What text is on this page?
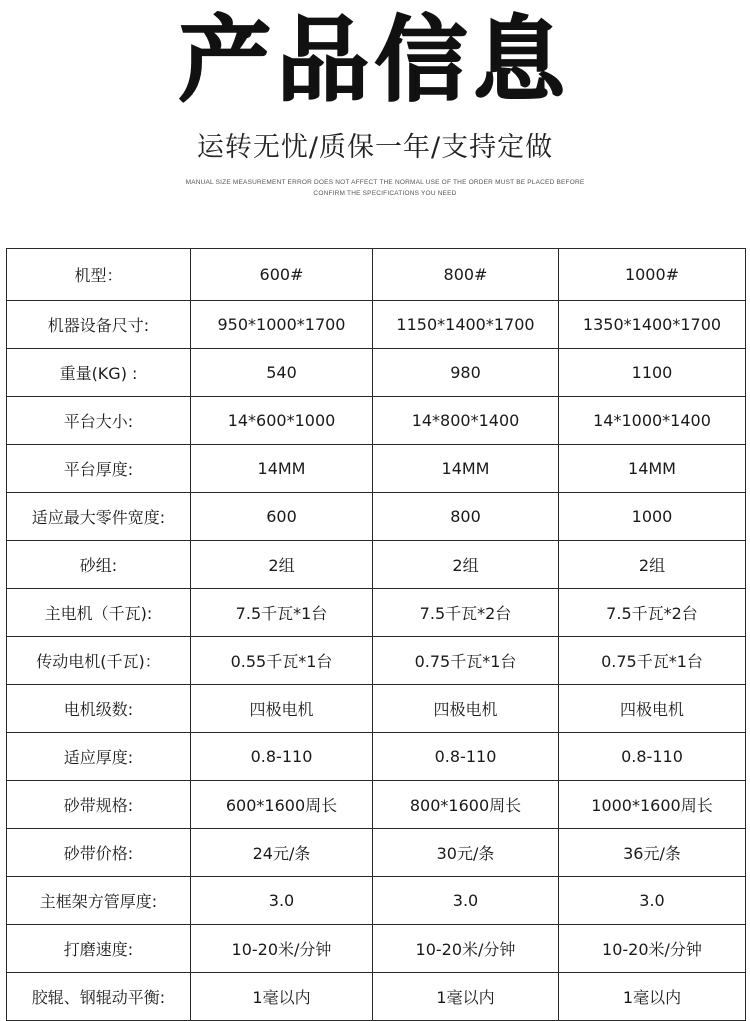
产品信息
运转无忧/质保一年/支持定做
MANUAL SIZE MEASUREMENT ERROR DOES NOT AFFECT THE NORMAL USE OF THE ORDER MUST BE PLACED BEFORE
CONFIRM THE SPECIFICATIONS YOU NEED
机型：	600#	800#	1000#
机器设备尺寸:	950*1000*1700	1150*1400*1700	1350*1400*1700
重量(KG) :	540	980	1100
平台大小:	14*600*1000	14*800*1400	14*1000*1400
平台厚度:	14MM	14MM	14MM
适应最大零件宽度:	600	800	1000
砂组:	2组	2组	2组
主电机（千瓦):	7.5千瓦*1台	7.5千瓦*2台	7.5千瓦*2台
传动电机(千瓦)：	0.55千瓦*1台	0.75千瓦*1台	0.75千瓦*1台
电机级数:	四极电机	四极电机	四极电机
适应厚度:	0.8-110	0.8-110	0.8-110
砂带规格:	600*1600周长	800*1600周长	1000*1600周长
砂带价格:	24元/条	30元/条	36元/条
主框架方管厚度:	3.0	3.0	3.0
打磨速度:	10-20米/分钟	10-20米/分钟	10-20米/分钟
胶辊、钢辊动平衡:	1毫以内	1毫以内	1毫以内
